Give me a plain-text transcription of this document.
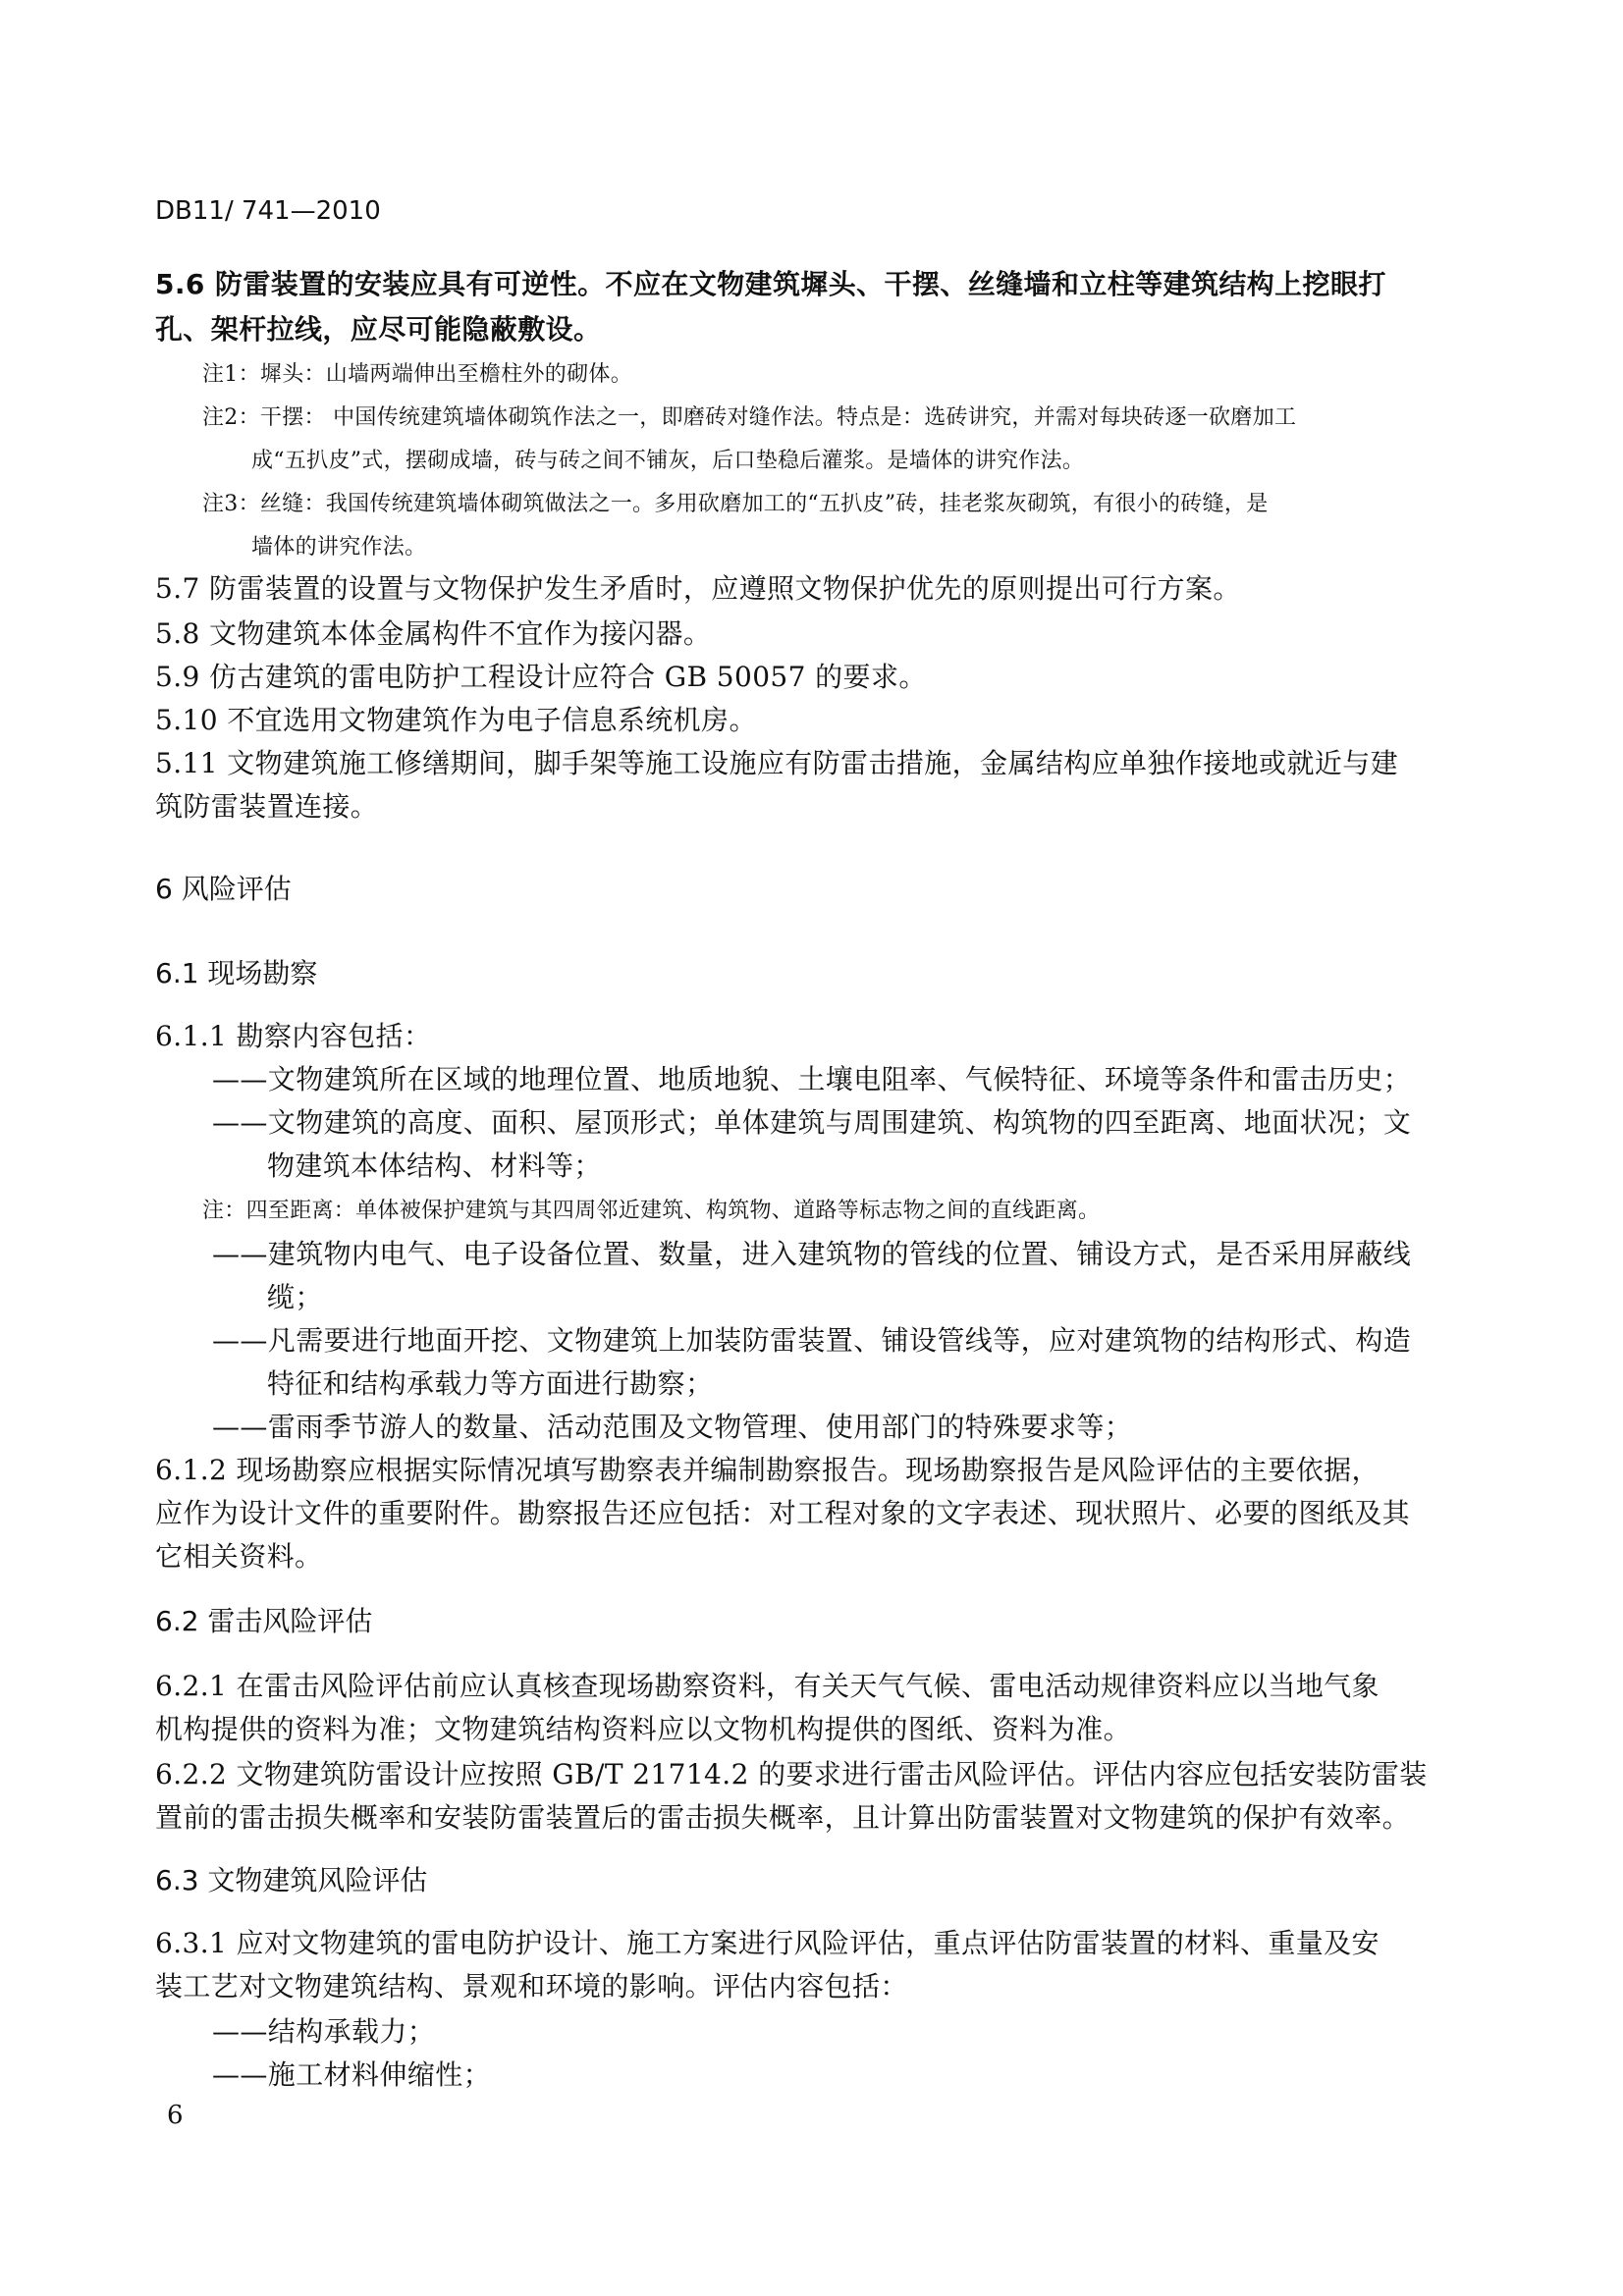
DB11/ 741—2010
5.6 防雷装置的安装应具有可逆性。不应在文物建筑墀头、干摆、丝缝墙和立柱等建筑结构上挖眼打
孔、架杆拉线，应尽可能隐蔽敷设。
注1：墀头：山墙两端伸出至檐柱外的砌体。
注2：干摆： 中国传统建筑墙体砌筑作法之一，即磨砖对缝作法。特点是：选砖讲究，并需对每块砖逐一砍磨加工
成“五扒皮”式，摆砌成墙，砖与砖之间不铺灰，后口垫稳后灌浆。是墙体的讲究作法。
注3：丝缝：我国传统建筑墙体砌筑做法之一。多用砍磨加工的“五扒皮”砖，挂老浆灰砌筑，有很小的砖缝，是
墙体的讲究作法。
5.7 防雷装置的设置与文物保护发生矛盾时，应遵照文物保护优先的原则提出可行方案。
5.8 文物建筑本体金属构件不宜作为接闪器。
5.9 仿古建筑的雷电防护工程设计应符合 GB 50057 的要求。
5.10 不宜选用文物建筑作为电子信息系统机房。
5.11 文物建筑施工修缮期间，脚手架等施工设施应有防雷击措施，金属结构应单独作接地或就近与建
筑防雷装置连接。
6 风险评估
6.1 现场勘察
6.1.1 勘察内容包括：
——文物建筑所在区域的地理位置、地质地貌、土壤电阻率、气候特征、环境等条件和雷击历史；
——文物建筑的高度、面积、屋顶形式；单体建筑与周围建筑、构筑物的四至距离、地面状况；文
物建筑本体结构、材料等；
注：四至距离：单体被保护建筑与其四周邻近建筑、构筑物、道路等标志物之间的直线距离。
——建筑物内电气、电子设备位置、数量，进入建筑物的管线的位置、铺设方式，是否采用屏蔽线
缆；
——凡需要进行地面开挖、文物建筑上加装防雷装置、铺设管线等，应对建筑物的结构形式、构造
特征和结构承载力等方面进行勘察；
——雷雨季节游人的数量、活动范围及文物管理、使用部门的特殊要求等；
6.1.2 现场勘察应根据实际情况填写勘察表并编制勘察报告。现场勘察报告是风险评估的主要依据，
应作为设计文件的重要附件。勘察报告还应包括：对工程对象的文字表述、现状照片、必要的图纸及其
它相关资料。
6.2 雷击风险评估
6.2.1 在雷击风险评估前应认真核查现场勘察资料，有关天气气候、雷电活动规律资料应以当地气象
机构提供的资料为准；文物建筑结构资料应以文物机构提供的图纸、资料为准。
6.2.2 文物建筑防雷设计应按照 GB/T 21714.2 的要求进行雷击风险评估。评估内容应包括安装防雷装
置前的雷击损失概率和安装防雷装置后的雷击损失概率，且计算出防雷装置对文物建筑的保护有效率。
6.3 文物建筑风险评估
6.3.1 应对文物建筑的雷电防护设计、施工方案进行风险评估，重点评估防雷装置的材料、重量及安
装工艺对文物建筑结构、景观和环境的影响。评估内容包括：
——结构承载力；
——施工材料伸缩性；
6
